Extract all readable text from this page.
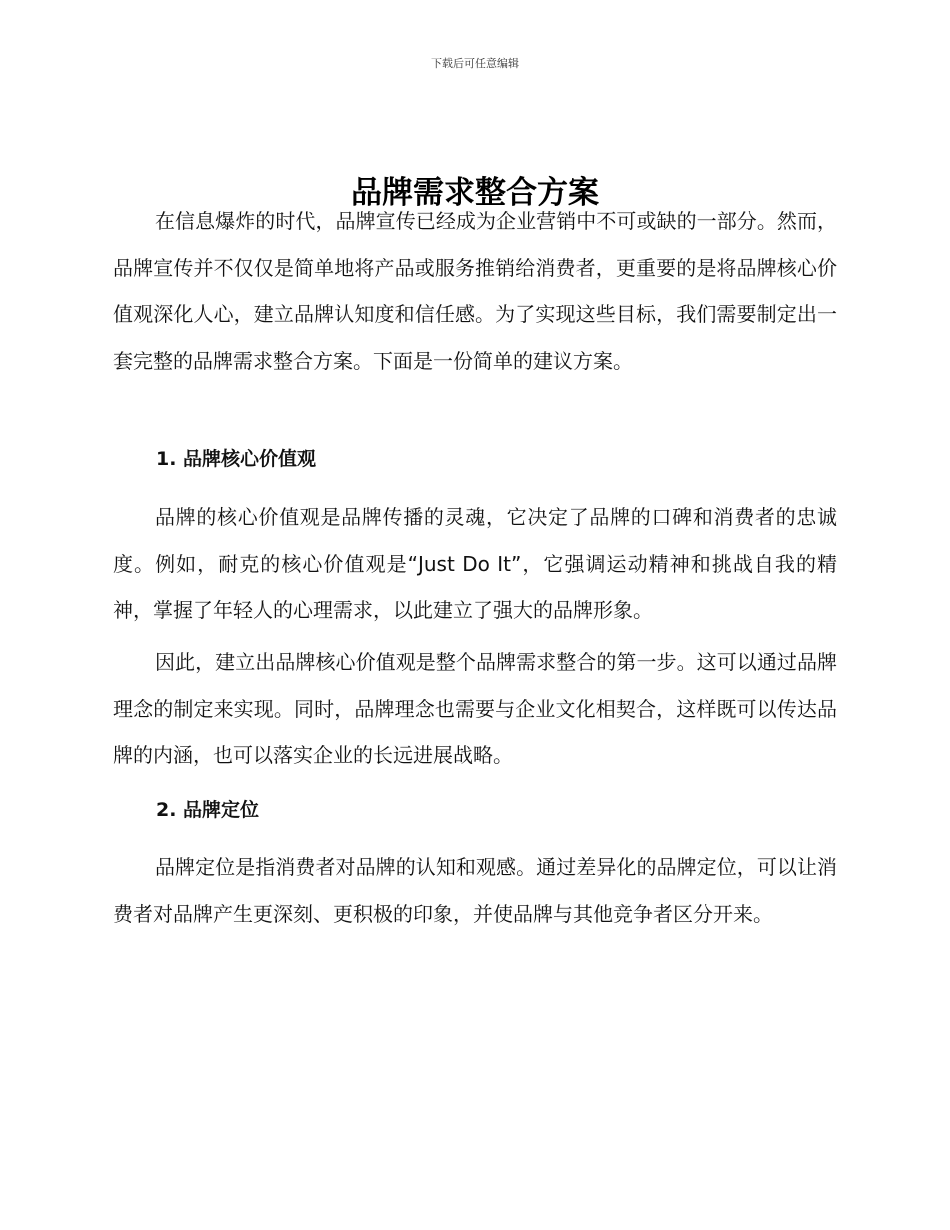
下载后可任意编辑
品牌需求整合方案

在信息爆炸的时代，品牌宣传已经成为企业营销中不可或缺的一部分。然而，品牌宣传并不仅仅是简单地将产品或服务推销给消费者，更重要的是将品牌核心价值观深化人心，建立品牌认知度和信任感。为了实现这些目标，我们需要制定出一套完整的品牌需求整合方案。下面是一份简单的建议方案。

1. 品牌核心价值观

品牌的核心价值观是品牌传播的灵魂，它决定了品牌的口碑和消费者的忠诚度。例如，耐克的核心价值观是“Just Do It”，它强调运动精神和挑战自我的精神，掌握了年轻人的心理需求，以此建立了强大的品牌形象。

因此，建立出品牌核心价值观是整个品牌需求整合的第一步。这可以通过品牌理念的制定来实现。同时，品牌理念也需要与企业文化相契合，这样既可以传达品牌的内涵，也可以落实企业的长远进展战略。

2. 品牌定位

品牌定位是指消费者对品牌的认知和观感。通过差异化的品牌定位，可以让消费者对品牌产生更深刻、更积极的印象，并使品牌与其他竞争者区分开来。
